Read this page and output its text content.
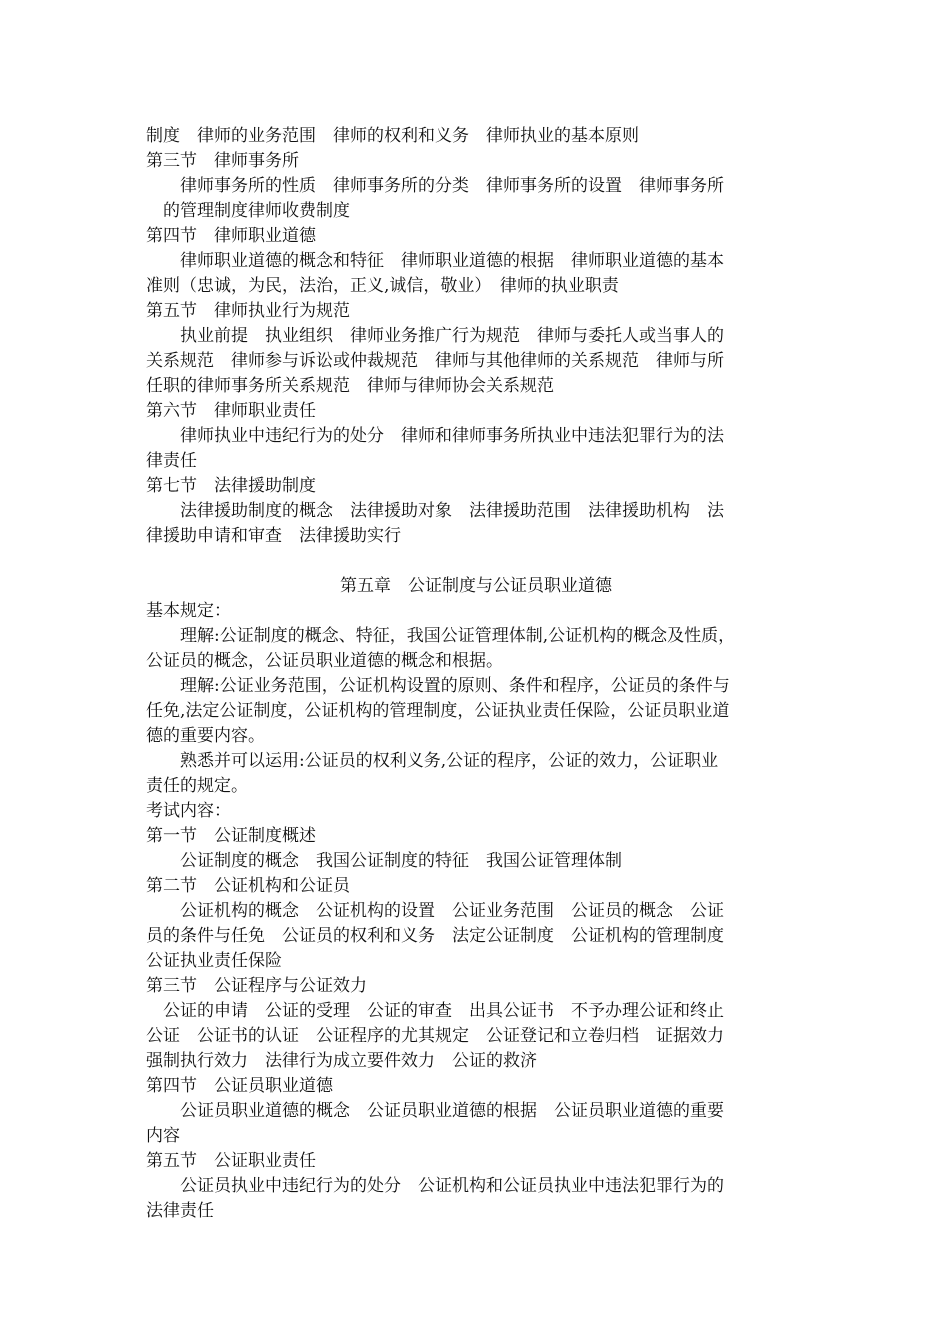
制度　律师的业务范围　律师的权利和义务　律师执业的基本原则
第三节　律师事务所
　　律师事务所的性质　律师事务所的分类　律师事务所的设置　律师事务所
　的管理制度律师收费制度
第四节　律师职业道德
　　律师职业道德的概念和特征　律师职业道德的根据　律师职业道德的基本
准则（忠诚，为民，法治，正义,诚信，敬业）　律师的执业职责
第五节　律师执业行为规范
　　执业前提　执业组织　律师业务推广行为规范　律师与委托人或当事人的
关系规范　律师参与诉讼或仲裁规范　律师与其他律师的关系规范　律师与所
任职的律师事务所关系规范　律师与律师协会关系规范
第六节　律师职业责任
　　律师执业中违纪行为的处分　律师和律师事务所执业中违法犯罪行为的法
律责任
第七节　法律援助制度
　　法律援助制度的概念　法律援助对象　法律援助范围　法律援助机构　法
律援助申请和审查　法律援助实行
第五章　公证制度与公证员职业道德
基本规定：
　　理解:公证制度的概念、特征，我国公证管理体制,公证机构的概念及性质，
公证员的概念，公证员职业道德的概念和根据。
　　理解:公证业务范围，公证机构设置的原则、条件和程序，公证员的条件与
任免,法定公证制度，公证机构的管理制度，公证执业责任保险，公证员职业道
德的重要内容。
　　熟悉并可以运用:公证员的权利义务,公证的程序，公证的效力，公证职业
责任的规定。
考试内容：
第一节　公证制度概述
　　公证制度的概念　我国公证制度的特征　我国公证管理体制
第二节　公证机构和公证员
　　公证机构的概念　公证机构的设置　公证业务范围　公证员的概念　公证
员的条件与任免　公证员的权利和义务　法定公证制度　公证机构的管理制度
公证执业责任保险
第三节　公证程序与公证效力
　公证的申请　公证的受理　公证的审查　出具公证书　不予办理公证和终止
公证　公证书的认证　公证程序的尤其规定　公证登记和立卷归档　证据效力
强制执行效力　法律行为成立要件效力　公证的救济
第四节　公证员职业道德
　　公证员职业道德的概念　公证员职业道德的根据　公证员职业道德的重要
内容
第五节　公证职业责任
　　公证员执业中违纪行为的处分　公证机构和公证员执业中违法犯罪行为的
法律责任
